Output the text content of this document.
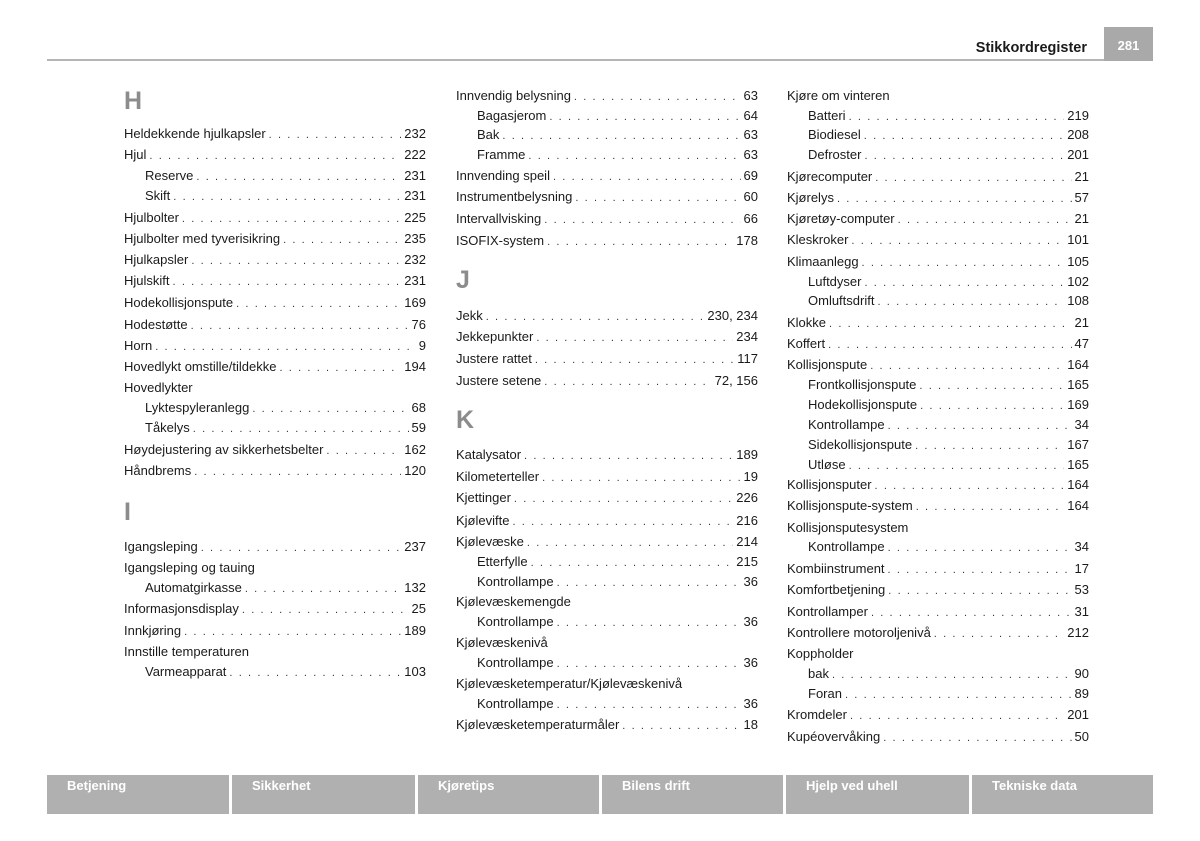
Stikkordregister	281
H
I
Heldekkende hjulkapsler . . .	232
Hjul . . .	222
Reserve . . .	231
Skift . . .	231
Hjulbolter . . .	225
Hjulbolter med tyverisikring . . .	235
Hjulkapsler . . .	232
Hjulskift . . .	231
Hodekollisjonspute . . .	169
Hodestøtte . . .	76
Horn . . .	9
Hovedlykt omstille/tildekke . . .	194
Hovedlykter
Lyktespyleranlegg . . .	68
Tåkelys . . .	59
Høydejustering av sikkerhetsbelter . . .	162
Håndbrems . . .	120
Igangsleping . . .	237
Igangsleping og tauing
Automatgirkasse . . .	132
Informasjonsdisplay . . .	25
Innkjøring . . .	189
Innstille temperaturen
Varmeapparat . . .	103
J
K
Innvendig belysning . . .	63
Bagasjerom . . .	64
Bak . . .	63
Framme . . .	63
Innvending speil . . .	69
Instrumentbelysning . . .	60
Intervallvisking . . .	66
ISOFIX-system . . .	178
Jekk . . .	230, 234
Jekkepunkter . . .	234
Justere rattet . . .	117
Justere setene . . .	72, 156
Katalysator . . .	189
Kilometerteller . . .	19
Kjettinger . . .	226
Kjølevifte . . .	216
Kjølevæske . . .	214
Etterfylle . . .	215
Kontrollampe . . .	36
Kjølevæskemengde
Kontrollampe . . .	36
Kjølevæskenivå
Kontrollampe . . .	36
Kjølevæsketemperatur/Kjølevæskenivå
Kontrollampe . . .	36
Kjølevæsketemperaturmåler . . .	18
Kjøre om vinteren
Batteri . . .	219
Biodiesel . . .	208
Defroster . . .	201
Kjørecomputer . . .	21
Kjørelys . . .	57
Kjøretøy-computer . . .	21
Kleskroker . . .	101
Klimaanlegg . . .	105
Luftdyser . . .	102
Omluftsdrift . . .	108
Klokke . . .	21
Koffert . . .	47
Kollisjonspute . . .	164
Frontkollisjonspute . . .	165
Hodekollisjonspute . . .	169
Kontrollampe . . .	34
Sidekollisjonspute . . .	167
Utløse . . .	165
Kollisjonsputer . . .	164
Kollisjonspute-system . . .	164
Kollisjonsputesystem
Kontrollampe . . .	34
Kombiinstrument . . .	17
Komfortbetjening . . .	53
Kontrollamper . . .	31
Kontrollere motoroljenivå . . .	212
Koppholder
bak . . .	90
Foran . . .	89
Kromdeler . . .	201
Kupéovervåking . . .	50
Betjening	Sikkerhet	Kjøretips	Bilens drift	Hjelp ved uhell	Tekniske data
